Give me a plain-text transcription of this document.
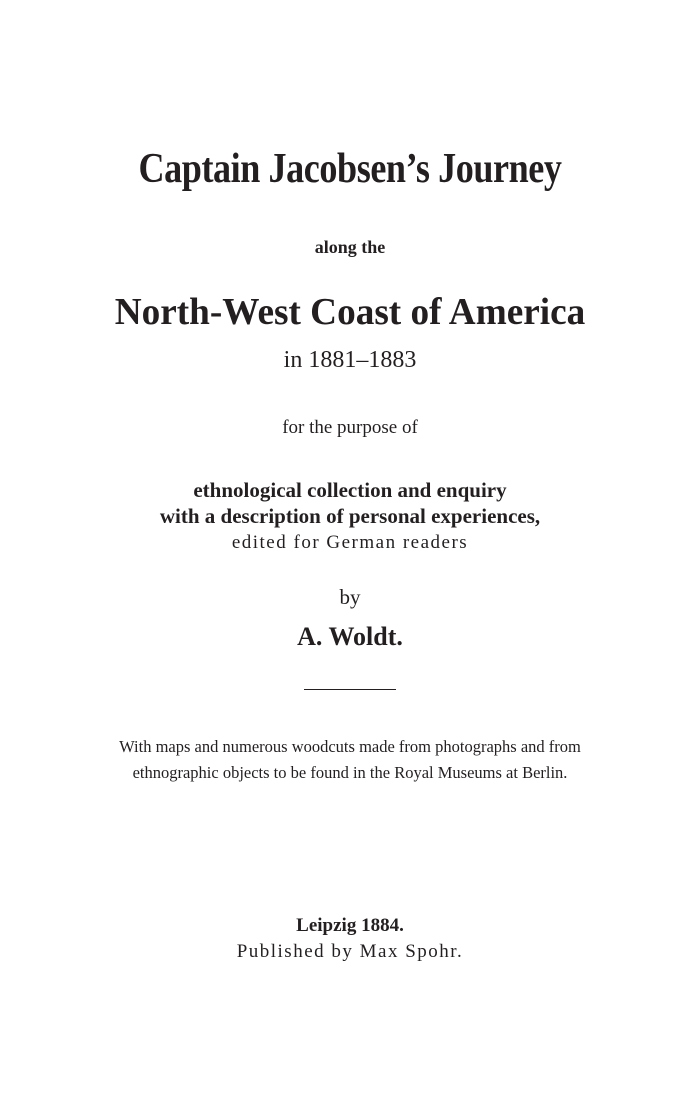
Captain Jacobsen’s Journey
along the
North-West Coast of America
in 1881–1883
for the purpose of
ethnological collection and enquiry
with a description of personal experiences,
edited for German readers
by
A. Woldt.
With maps and numerous woodcuts made from photographs and from
ethnographic objects to be found in the Royal Museums at Berlin.
Leipzig 1884.
Published by Max Spohr.
